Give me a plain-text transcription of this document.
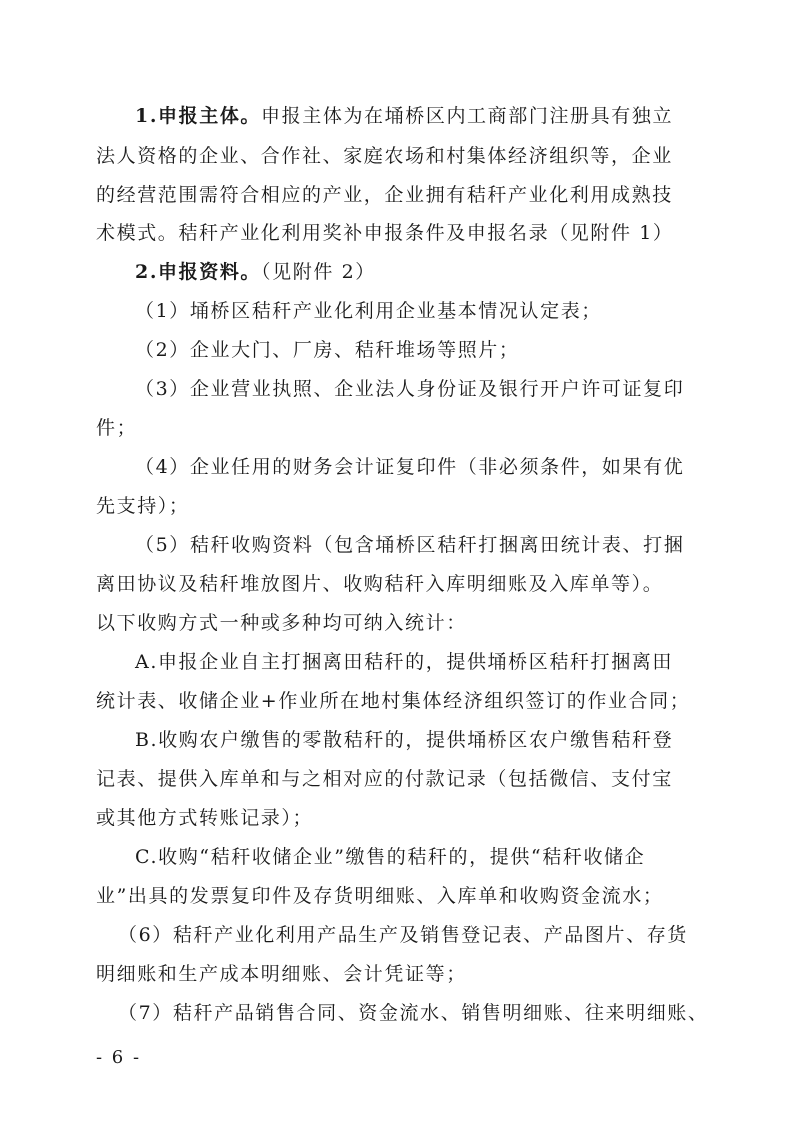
1.申报主体。申报主体为在埇桥区内工商部门注册具有独立
法人资格的企业、合作社、家庭农场和村集体经济组织等，企业
的经营范围需符合相应的产业，企业拥有秸秆产业化利用成熟技
术模式。秸秆产业化利用奖补申报条件及申报名录（见附件 1）
2.申报资料。（见附件 2）
（1）埇桥区秸秆产业化利用企业基本情况认定表；
（2）企业大门、厂房、秸秆堆场等照片；
（3）企业营业执照、企业法人身份证及银行开户许可证复印
件；
（4）企业任用的财务会计证复印件（非必须条件，如果有优
先支持）；
（5）秸秆收购资料（包含埇桥区秸秆打捆离田统计表、打捆
离田协议及秸秆堆放图片、收购秸秆入库明细账及入库单等）。
以下收购方式一种或多种均可纳入统计：
A.申报企业自主打捆离田秸秆的，提供埇桥区秸秆打捆离田
统计表、收储企业+作业所在地村集体经济组织签订的作业合同；
B.收购农户缴售的零散秸秆的，提供埇桥区农户缴售秸秆登
记表、提供入库单和与之相对应的付款记录（包括微信、支付宝
或其他方式转账记录）；
C.收购“秸秆收储企业”缴售的秸秆的，提供“秸秆收储企
业”出具的发票复印件及存货明细账、入库单和收购资金流水；
（6）秸秆产业化利用产品生产及销售登记表、产品图片、存货
明细账和生产成本明细账、会计凭证等；
（7）秸秆产品销售合同、资金流水、销售明细账、往来明细账、
- 6 -
